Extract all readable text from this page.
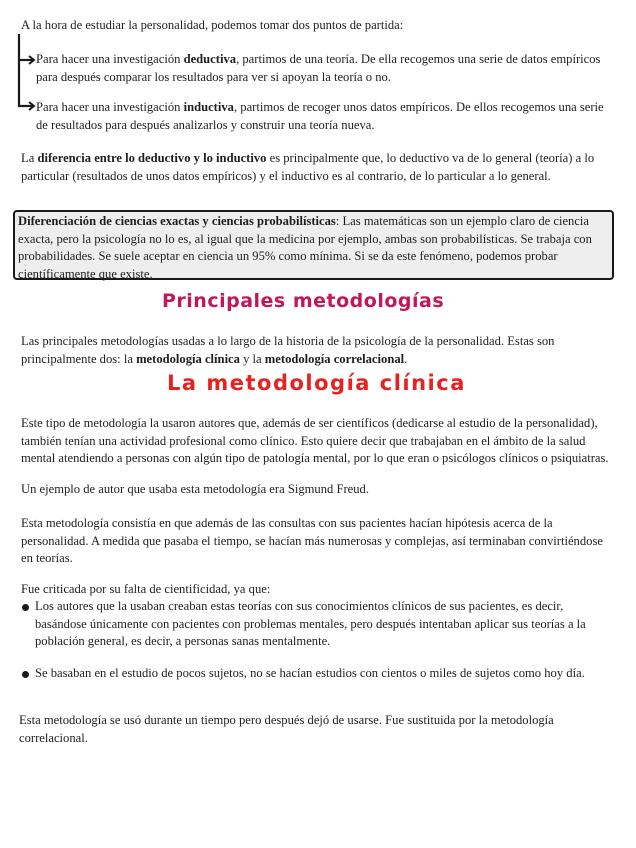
A la hora de estudiar la personalidad, podemos tomar dos puntos de partida:

Para hacer una investigación deductiva, partimos de una teoría. De ella recogemos una serie de datos empíricos para después comparar los resultados para ver si apoyan la teoría o no.

Para hacer una investigación inductiva, partimos de recoger unos datos empíricos. De ellos recogemos una serie de resultados para después analizarlos y construir una teoría nueva.

La diferencia entre lo deductivo y lo inductivo es principalmente que, lo deductivo va de lo general (teoría) a lo particular (resultados de unos datos empíricos) y el inductivo es al contrario, de lo particular a lo general.

Diferenciación de ciencias exactas y ciencias probabilísticas: Las matemáticas son un ejemplo claro de ciencia exacta, pero la psicología no lo es, al igual que la medicina por ejemplo, ambas son probabilísticas. Se trabaja con probabilidades. Se suele aceptar en ciencia un 95% como mínima. Si se da este fenómeno, podemos probar científicamente que existe.
Principales metodologías

Las principales metodologías usadas a lo largo de la historia de la psicología de la personalidad. Estas son principalmente dos: la metodología clínica y la metodología correlacional.

La metodología clínica

Este tipo de metodología la usaron autores que, además de ser científicos (dedicarse al estudio de la personalidad), también tenían una actividad profesional como clínico. Esto quiere decir que trabajaban en el ámbito de la salud mental atendiendo a personas con algún tipo de patología mental, por lo que eran o psicólogos clínicos o psiquiatras.

Un ejemplo de autor que usaba esta metodología era Sigmund Freud.

Esta metodología consistía en que además de las consultas con sus pacientes hacían hipótesis acerca de la personalidad. A medida que pasaba el tiempo, se hacían más numerosas y complejas, así terminaban convirtiéndose en teorías.

Fue criticada por su falta de cientificidad, ya que:

Los autores que la usaban creaban estas teorías con sus conocimientos clínicos de sus pacientes, es decir, basándose únicamente con pacientes con problemas mentales, pero después intentaban aplicar sus teorías a la población general, es decir, a personas sanas mentalmente.

Se basaban en el estudio de pocos sujetos, no se hacían estudios con cientos o miles de sujetos como hoy día.

Esta metodología se usó durante un tiempo pero después dejó de usarse. Fue sustituida por la metodología correlacional.
